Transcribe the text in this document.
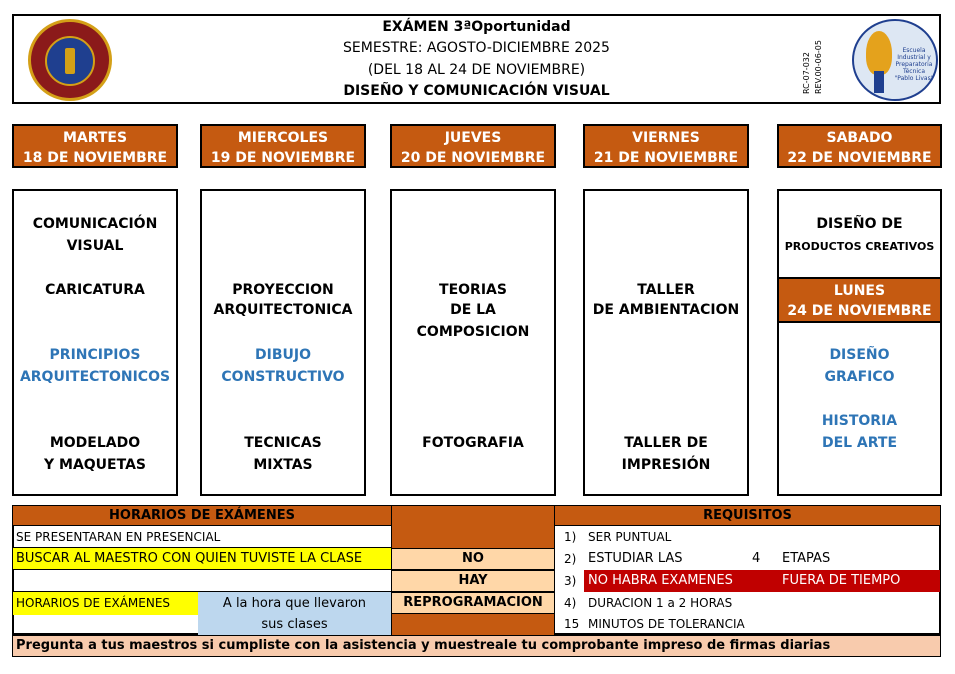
EXÁMEN 3ªOportunidad
SEMESTRE: AGOSTO-DICIEMBRE 2025
(DEL 18 AL 24 DE NOVIEMBRE)
DISEÑO Y COMUNICACIÓN VISUAL	RC-07-032 REV.00-06-05	Escuela Industrial y Preparatoria Técnica "Pablo Livas"
MARTES
18 DE NOVIEMBRE
MIERCOLES
19 DE NOVIEMBRE
JUEVES
20 DE NOVIEMBRE
VIERNES
21 DE NOVIEMBRE
SABADO
22 DE NOVIEMBRE
COMUNICACIÓN
VISUAL
CARICATURA
PRINCIPIOS
ARQUITECTONICOS
MODELADO
Y MAQUETAS
PROYECCION
ARQUITECTONICA
DIBUJO
CONSTRUCTIVO
TECNICAS
MIXTAS
TEORIAS
DE LA COMPOSICION
FOTOGRAFIA
TALLER
DE AMBIENTACION
TALLER DE
IMPRESIÓN
DISEÑO DE
PRODUCTOS CREATIVOS
LUNES
24 DE NOVIEMBRE
DISEÑO
GRAFICO
HISTORIA
DEL ARTE
HORARIOS DE EXÁMENES	REQUISITOS
SE PRESENTARAN EN PRESENCIAL
BUSCAR AL MAESTRO CON QUIEN TUVISTE LA CLASE
HORARIOS DE EXÁMENES	A la hora que llevaron
sus clases
NO
HAY
REPROGRAMACION
1) SER PUNTUAL
2) ESTUDIAR LAS	4 ETAPAS
3) NO HABRA EXAMENES	FUERA DE TIEMPO
4) DURACION 1 a 2 HORAS
15 MINUTOS DE TOLERANCIA
Pregunta a tus maestros si cumpliste con la asistencia y muestreale tu comprobante impreso de firmas diarias
